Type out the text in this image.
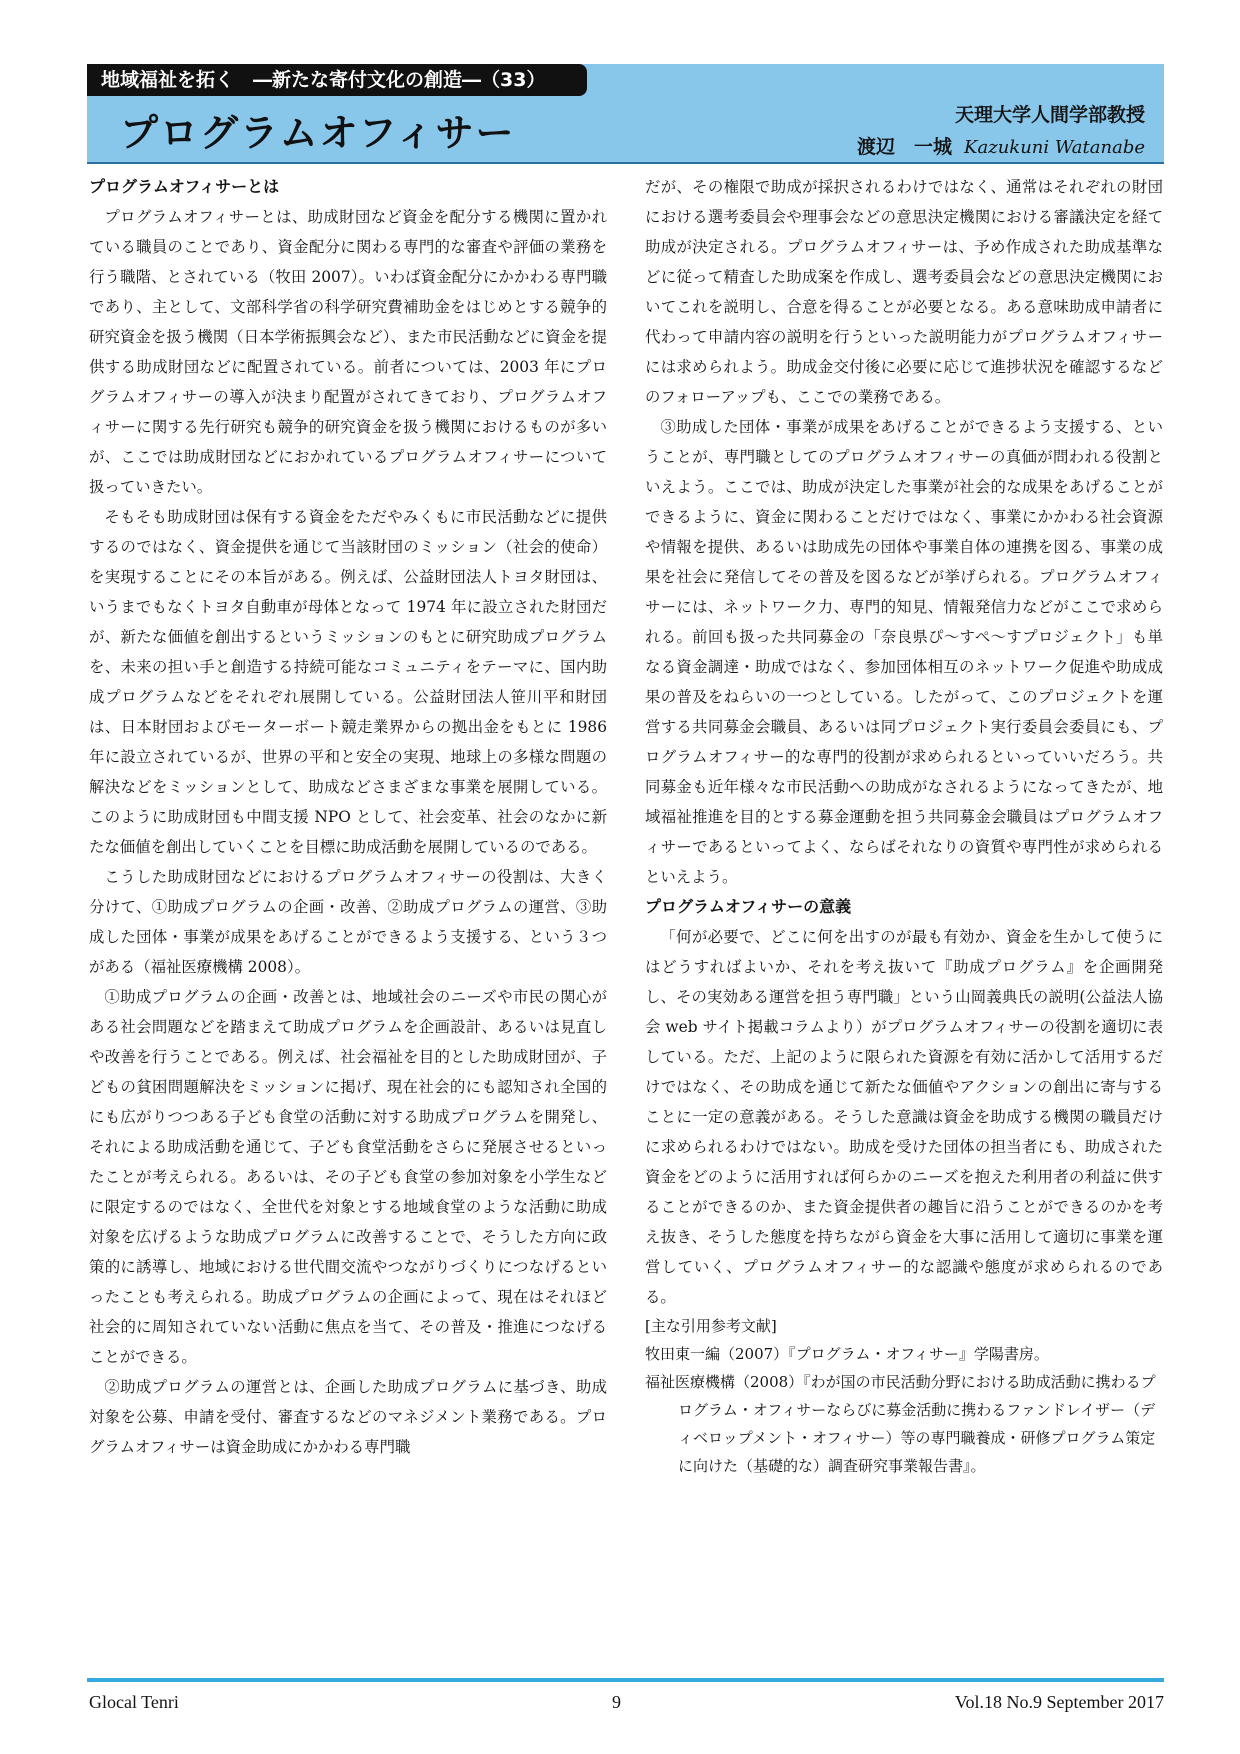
地域福祉を拓く　―新たな寄付文化の創造―（33）
プログラムオフィサー	天理大学人間学部教授
渡辺　一城 Kazukuni Watanabe
プログラムオフィサーとは

プログラムオフィサーとは、助成財団など資金を配分する機関に置かれている職員のことであり、資金配分に関わる専門的な審査や評価の業務を行う職階、とされている（牧田 2007）。いわば資金配分にかかわる専門職であり、主として、文部科学省の科学研究費補助金をはじめとする競争的研究資金を扱う機関（日本学術振興会など）、また市民活動などに資金を提供する助成財団などに配置されている。前者については、2003 年にプログラムオフィサーの導入が決まり配置がされてきており、プログラムオフィサーに関する先行研究も競争的研究資金を扱う機関におけるものが多いが、ここでは助成財団などにおかれているプログラムオフィサーについて扱っていきたい。

そもそも助成財団は保有する資金をただやみくもに市民活動などに提供するのではなく、資金提供を通じて当該財団のミッション（社会的使命）を実現することにその本旨がある。例えば、公益財団法人トヨタ財団は、いうまでもなくトヨタ自動車が母体となって 1974 年に設立された財団だが、新たな価値を創出するというミッションのもとに研究助成プログラムを、未来の担い手と創造する持続可能なコミュニティをテーマに、国内助成プログラムなどをそれぞれ展開している。公益財団法人笹川平和財団は、日本財団およびモーターボート競走業界からの拠出金をもとに 1986 年に設立されているが、世界の平和と安全の実現、地球上の多様な問題の解決などをミッションとして、助成などさまざまな事業を展開している。このように助成財団も中間支援 NPO として、社会変革、社会のなかに新たな価値を創出していくことを目標に助成活動を展開しているのである。

こうした助成財団などにおけるプログラムオフィサーの役割は、大きく分けて、①助成プログラムの企画・改善、②助成プログラムの運営、③助成した団体・事業が成果をあげることができるよう支援する、という３つがある（福祉医療機構 2008）。

①助成プログラムの企画・改善とは、地域社会のニーズや市民の関心がある社会問題などを踏まえて助成プログラムを企画設計、あるいは見直しや改善を行うことである。例えば、社会福祉を目的とした助成財団が、子どもの貧困問題解決をミッションに掲げ、現在社会的にも認知され全国的にも広がりつつある子ども食堂の活動に対する助成プログラムを開発し、それによる助成活動を通じて、子ども食堂活動をさらに発展させるといったことが考えられる。あるいは、その子ども食堂の参加対象を小学生などに限定するのではなく、全世代を対象とする地域食堂のような活動に助成対象を広げるような助成プログラムに改善することで、そうした方向に政策的に誘導し、地域における世代間交流やつながりづくりにつなげるといったことも考えられる。助成プログラムの企画によって、現在はそれほど社会的に周知されていない活動に焦点を当て、その普及・推進につなげることができる。

②助成プログラムの運営とは、企画した助成プログラムに基づき、助成対象を公募、申請を受付、審査するなどのマネジメント業務である。プログラムオフィサーは資金助成にかかわる専門職

だが、その権限で助成が採択されるわけではなく、通常はそれぞれの財団における選考委員会や理事会などの意思決定機関における審議決定を経て助成が決定される。プログラムオフィサーは、予め作成された助成基準などに従って精査した助成案を作成し、選考委員会などの意思決定機関においてこれを説明し、合意を得ることが必要となる。ある意味助成申請者に代わって申請内容の説明を行うといった説明能力がプログラムオフィサーには求められよう。助成金交付後に必要に応じて進捗状況を確認するなどのフォローアップも、ここでの業務である。

③助成した団体・事業が成果をあげることができるよう支援する、ということが、専門職としてのプログラムオフィサーの真価が問われる役割といえよう。ここでは、助成が決定した事業が社会的な成果をあげることができるように、資金に関わることだけではなく、事業にかかわる社会資源や情報を提供、あるいは助成先の団体や事業自体の連携を図る、事業の成果を社会に発信してその普及を図るなどが挙げられる。プログラムオフィサーには、ネットワーク力、専門的知見、情報発信力などがここで求められる。前回も扱った共同募金の「奈良県ぴ～すぺ～すプロジェクト」も単なる資金調達・助成ではなく、参加団体相互のネットワーク促進や助成成果の普及をねらいの一つとしている。したがって、このプロジェクトを運営する共同募金会職員、あるいは同プロジェクト実行委員会委員にも、プログラムオフィサー的な専門的役割が求められるといっていいだろう。共同募金も近年様々な市民活動への助成がなされるようになってきたが、地域福祉推進を目的とする募金運動を担う共同募金会職員はプログラムオフィサーであるといってよく、ならばそれなりの資質や専門性が求められるといえよう。

プログラムオフィサーの意義

「何が必要で、どこに何を出すのが最も有効か、資金を生かして使うにはどうすればよいか、それを考え抜いて『助成プログラム』を企画開発し、その実効ある運営を担う専門職」という山岡義典氏の説明(公益法人協会 web サイト掲載コラムより）がプログラムオフィサーの役割を適切に表している。ただ、上記のように限られた資源を有効に活かして活用するだけではなく、その助成を通じて新たな価値やアクションの創出に寄与することに一定の意義がある。そうした意識は資金を助成する機関の職員だけに求められるわけではない。助成を受けた団体の担当者にも、助成された資金をどのように活用すれば何らかのニーズを抱えた利用者の利益に供することができるのか、また資金提供者の趣旨に沿うことができるのかを考え抜き、そうした態度を持ちながら資金を大事に活用して適切に事業を運営していく、プログラムオフィサー的な認識や態度が求められるのである。

[主な引用参考文献]

牧田東一編（2007）『プログラム・オフィサー』学陽書房。

福祉医療機構（2008）『わが国の市民活動分野における助成活動に携わるプログラム・オフィサーならびに募金活動に携わるファンドレイザー（ディベロップメント・オフィサー）等の専門職養成・研修プログラム策定に向けた（基礎的な）調査研究事業報告書』。

Glocal Tenri	9	Vol.18 No.9 September 2017
